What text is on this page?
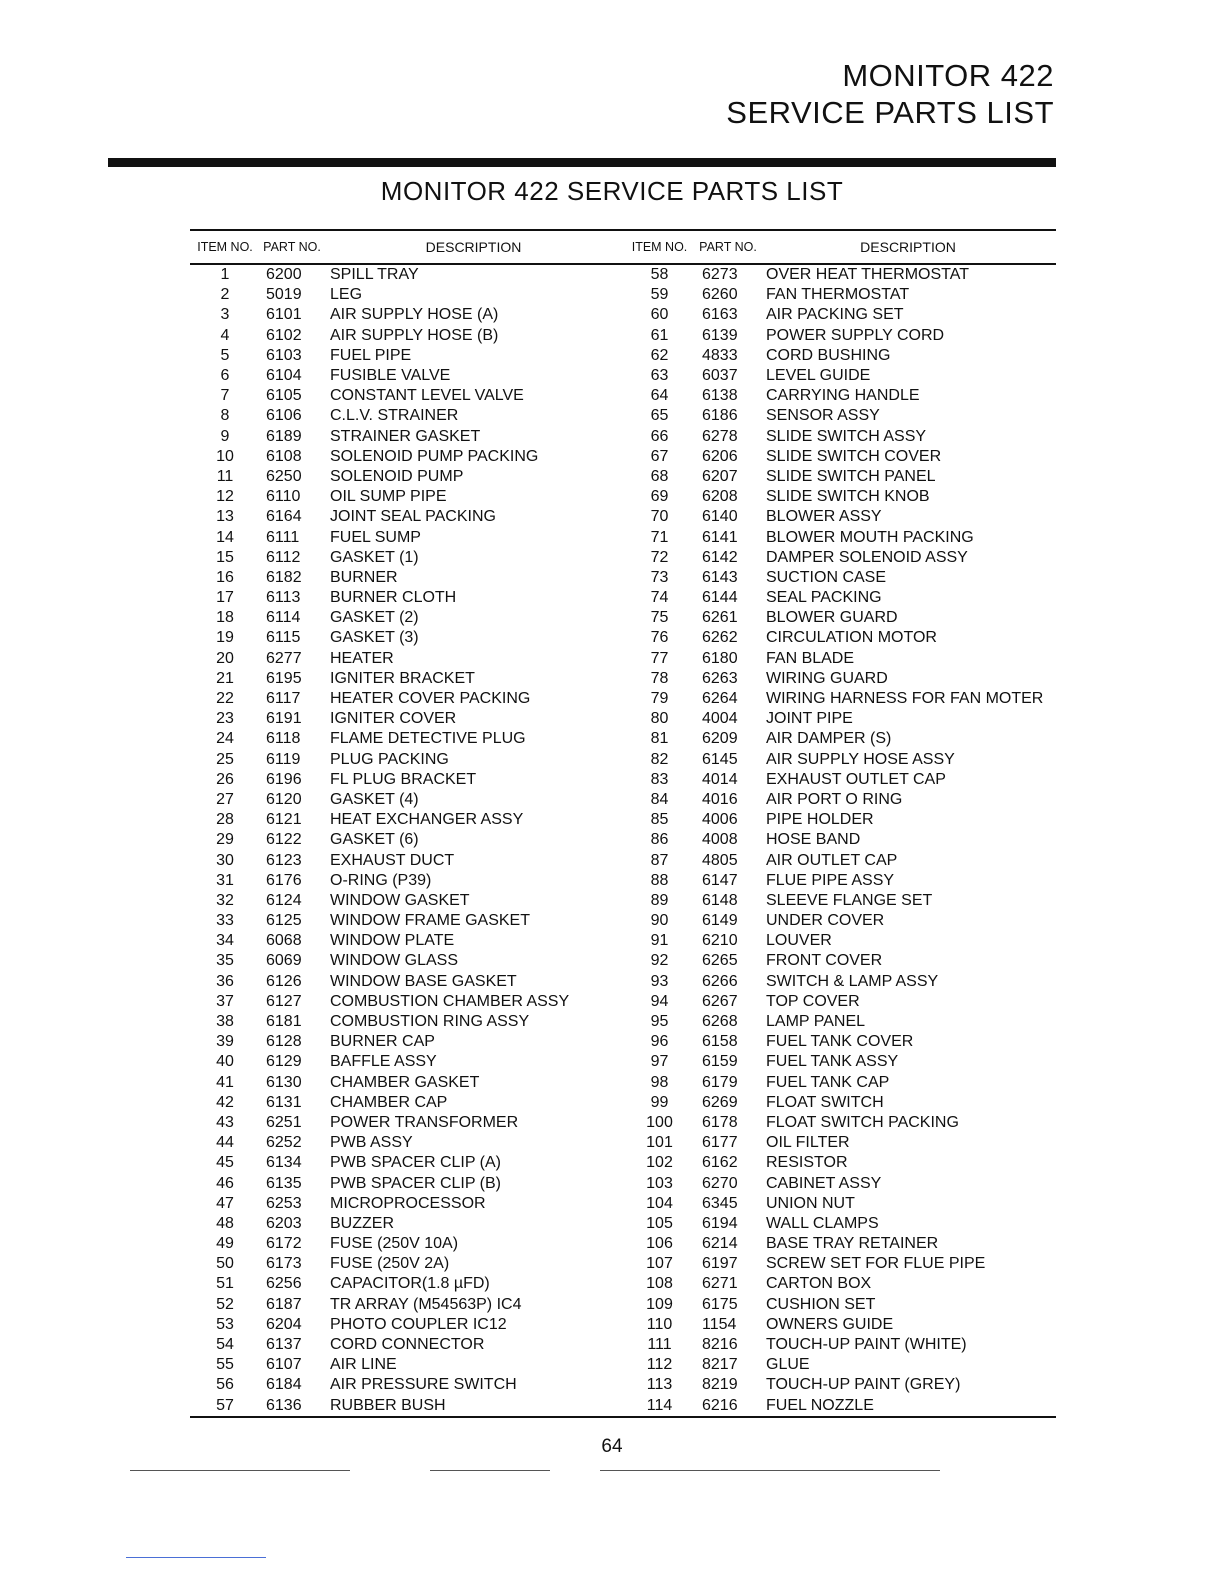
MONITOR 422
SERVICE PARTS LIST
MONITOR 422 SERVICE PARTS LIST
ITEM NO.	PART NO.	DESCRIPTION	ITEM NO.	PART NO.	DESCRIPTION
1	6200	SPILL TRAY	58	6273	OVER HEAT THERMOSTAT
2	5019	LEG	59	6260	FAN THERMOSTAT
3	6101	AIR SUPPLY HOSE (A)	60	6163	AIR PACKING SET
4	6102	AIR SUPPLY HOSE (B)	61	6139	POWER SUPPLY CORD
5	6103	FUEL PIPE	62	4833	CORD BUSHING
6	6104	FUSIBLE VALVE	63	6037	LEVEL GUIDE
7	6105	CONSTANT LEVEL VALVE	64	6138	CARRYING HANDLE
8	6106	C.L.V. STRAINER	65	6186	SENSOR ASSY
9	6189	STRAINER GASKET	66	6278	SLIDE SWITCH ASSY
10	6108	SOLENOID PUMP PACKING	67	6206	SLIDE SWITCH COVER
11	6250	SOLENOID PUMP	68	6207	SLIDE SWITCH PANEL
12	6110	OIL SUMP PIPE	69	6208	SLIDE SWITCH KNOB
13	6164	JOINT SEAL PACKING	70	6140	BLOWER ASSY
14	6111	FUEL SUMP	71	6141	BLOWER MOUTH PACKING
15	6112	GASKET (1)	72	6142	DAMPER SOLENOID ASSY
16	6182	BURNER	73	6143	SUCTION CASE
17	6113	BURNER CLOTH	74	6144	SEAL PACKING
18	6114	GASKET (2)	75	6261	BLOWER GUARD
19	6115	GASKET (3)	76	6262	CIRCULATION MOTOR
20	6277	HEATER	77	6180	FAN BLADE
21	6195	IGNITER BRACKET	78	6263	WIRING GUARD
22	6117	HEATER COVER PACKING	79	6264	WIRING HARNESS FOR FAN MOTER
23	6191	IGNITER COVER	80	4004	JOINT PIPE
24	6118	FLAME DETECTIVE PLUG	81	6209	AIR DAMPER (S)
25	6119	PLUG PACKING	82	6145	AIR SUPPLY HOSE ASSY
26	6196	FL PLUG BRACKET	83	4014	EXHAUST OUTLET CAP
27	6120	GASKET (4)	84	4016	AIR PORT O RING
28	6121	HEAT EXCHANGER ASSY	85	4006	PIPE HOLDER
29	6122	GASKET (6)	86	4008	HOSE BAND
30	6123	EXHAUST DUCT	87	4805	AIR OUTLET CAP
31	6176	O-RING (P39)	88	6147	FLUE PIPE ASSY
32	6124	WINDOW GASKET	89	6148	SLEEVE FLANGE SET
33	6125	WINDOW FRAME GASKET	90	6149	UNDER COVER
34	6068	WINDOW PLATE	91	6210	LOUVER
35	6069	WINDOW GLASS	92	6265	FRONT COVER
36	6126	WINDOW BASE GASKET	93	6266	SWITCH & LAMP ASSY
37	6127	COMBUSTION CHAMBER ASSY	94	6267	TOP COVER
38	6181	COMBUSTION RING ASSY	95	6268	LAMP PANEL
39	6128	BURNER CAP	96	6158	FUEL TANK COVER
40	6129	BAFFLE ASSY	97	6159	FUEL TANK ASSY
41	6130	CHAMBER GASKET	98	6179	FUEL TANK CAP
42	6131	CHAMBER CAP	99	6269	FLOAT SWITCH
43	6251	POWER TRANSFORMER	100	6178	FLOAT SWITCH PACKING
44	6252	PWB ASSY	101	6177	OIL FILTER
45	6134	PWB SPACER CLIP (A)	102	6162	RESISTOR
46	6135	PWB SPACER CLIP (B)	103	6270	CABINET ASSY
47	6253	MICROPROCESSOR	104	6345	UNION NUT
48	6203	BUZZER	105	6194	WALL CLAMPS
49	6172	FUSE (250V 10A)	106	6214	BASE TRAY RETAINER
50	6173	FUSE (250V 2A)	107	6197	SCREW SET FOR FLUE PIPE
51	6256	CAPACITOR(1.8 µFD)	108	6271	CARTON BOX
52	6187	TR ARRAY (M54563P) IC4	109	6175	CUSHION SET
53	6204	PHOTO COUPLER IC12	110	1154	OWNERS GUIDE
54	6137	CORD CONNECTOR	111	8216	TOUCH-UP PAINT (WHITE)
55	6107	AIR LINE	112	8217	GLUE
56	6184	AIR PRESSURE SWITCH	113	8219	TOUCH-UP PAINT (GREY)
57	6136	RUBBER BUSH	114	6216	FUEL NOZZLE
64
